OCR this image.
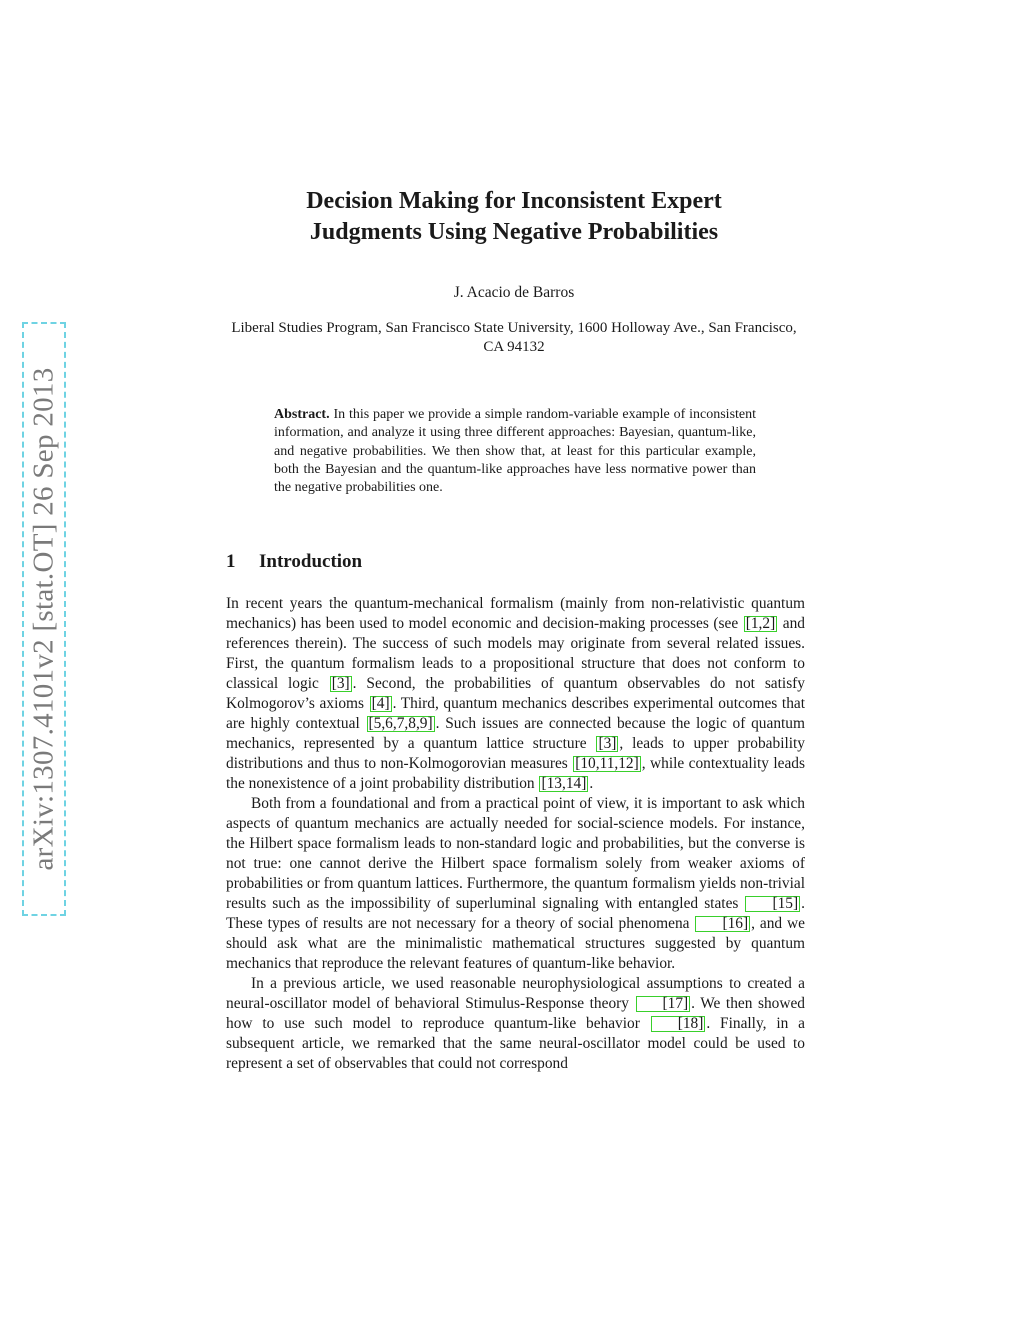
arXiv:1307.4101v2 [stat.OT] 26 Sep 2013
Decision Making for Inconsistent Expert
Judgments Using Negative Probabilities
J. Acacio de Barros
Liberal Studies Program, San Francisco State University, 1600 Holloway Ave., San Francisco, CA 94132
Abstract. In this paper we provide a simple random-variable example of inconsistent information, and analyze it using three different approaches: Bayesian, quantum-like, and negative probabilities. We then show that, at least for this particular example, both the Bayesian and the quantum-like approaches have less normative power than the negative probabilities one.
1 Introduction

In recent years the quantum-mechanical formalism (mainly from non-relativistic quantum mechanics) has been used to model economic and decision-making processes (see [1,2] and references therein). The success of such models may originate from several related issues. First, the quantum formalism leads to a propositional structure that does not conform to classical logic [3] . Second, the probabilities of quantum observables do not satisfy Kolmogorov’s axioms [4] . Third, quantum mechanics describes experimental outcomes that are highly contextual [5,6,7,8,9] . Such issues are connected because the logic of quantum mechanics, represented by a quantum lattice structure [3] , leads to upper probability distributions and thus to non-Kolmogorovian measures [10,11,12] , while contextuality leads the nonexistence of a joint probability distribution [13,14] .

Both from a foundational and from a practical point of view, it is important to ask which aspects of quantum mechanics are actually needed for social-science models. For instance, the Hilbert space formalism leads to non-standard logic and probabilities, but the converse is not true: one cannot derive the Hilbert space formalism solely from weaker axioms of probabilities or from quantum lattices. Furthermore, the quantum formalism yields non-trivial results such as the impossibility of superluminal signaling with entangled states [15] . These types of results are not necessary for a theory of social phenomena [16] , and we should ask what are the minimalistic mathematical structures suggested by quantum mechanics that reproduce the relevant features of quantum-like behavior.

In a previous article, we used reasonable neurophysiological assumptions to created a neural-oscillator model of behavioral Stimulus-Response theory [17] . We then showed how to use such model to reproduce quantum-like behavior [18] . Finally, in a subsequent article, we remarked that the same neural-oscillator model could be used to represent a set of observables that could not correspond
